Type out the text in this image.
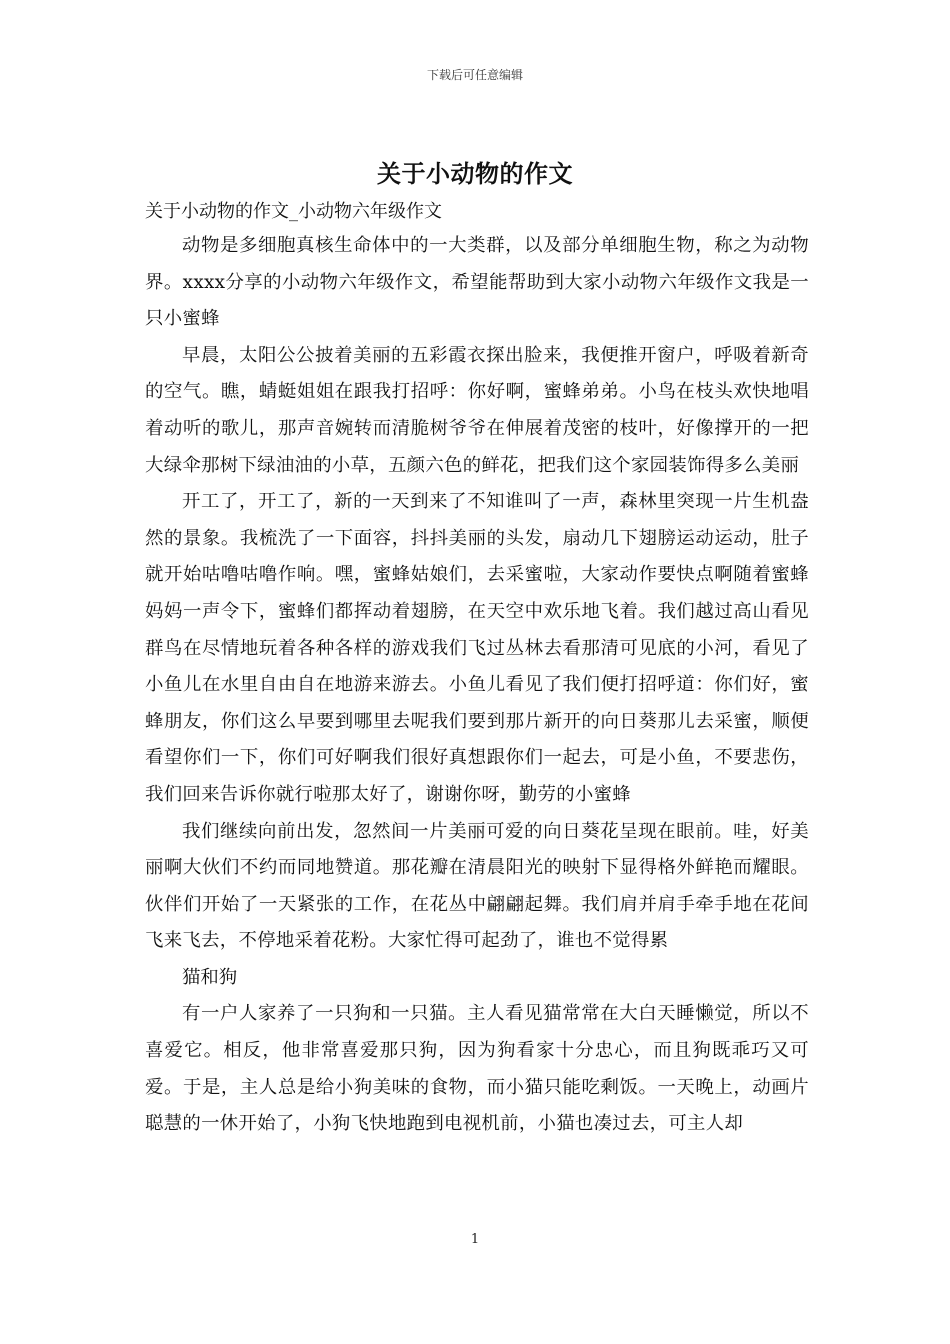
下载后可任意编辑
关于小动物的作文

关于小动物的作文_小动物六年级作文

动物是多细胞真核生命体中的一大类群，以及部分单细胞生物，称之为动物界。xxxx分享的小动物六年级作文，希望能帮助到大家小动物六年级作文我是一只小蜜蜂

早晨，太阳公公披着美丽的五彩霞衣探出脸来，我便推开窗户，呼吸着新奇的空气。瞧，蜻蜓姐姐在跟我打招呼：你好啊，蜜蜂弟弟。小鸟在枝头欢快地唱着动听的歌儿，那声音婉转而清脆树爷爷在伸展着茂密的枝叶，好像撑开的一把大绿伞那树下绿油油的小草，五颜六色的鲜花，把我们这个家园装饰得多么美丽

开工了，开工了，新的一天到来了不知谁叫了一声，森林里突现一片生机盎然的景象。我梳洗了一下面容，抖抖美丽的头发，扇动几下翅膀运动运动，肚子就开始咕噜咕噜作响。嘿，蜜蜂姑娘们，去采蜜啦，大家动作要快点啊随着蜜蜂妈妈一声令下，蜜蜂们都挥动着翅膀，在天空中欢乐地飞着。我们越过高山看见群鸟在尽情地玩着各种各样的游戏我们飞过丛林去看那清可见底的小河，看见了小鱼儿在水里自由自在地游来游去。小鱼儿看见了我们便打招呼道：你们好，蜜蜂朋友，你们这么早要到哪里去呢我们要到那片新开的向日葵那儿去采蜜，顺便看望你们一下，你们可好啊我们很好真想跟你们一起去，可是小鱼，不要悲伤，我们回来告诉你就行啦那太好了，谢谢你呀，勤劳的小蜜蜂

我们继续向前出发，忽然间一片美丽可爱的向日葵花呈现在眼前。哇，好美丽啊大伙们不约而同地赞道。那花瓣在清晨阳光的映射下显得格外鲜艳而耀眼。伙伴们开始了一天紧张的工作，在花丛中翩翩起舞。我们肩并肩手牵手地在花间飞来飞去，不停地采着花粉。大家忙得可起劲了，谁也不觉得累

猫和狗

有一户人家养了一只狗和一只猫。主人看见猫常常在大白天睡懒觉，所以不喜爱它。相反，他非常喜爱那只狗，因为狗看家十分忠心，而且狗既乖巧又可爱。于是，主人总是给小狗美味的食物，而小猫只能吃剩饭。一天晚上，动画片聪慧的一休开始了，小狗飞快地跑到电视机前，小猫也凑过去，可主人却

1
